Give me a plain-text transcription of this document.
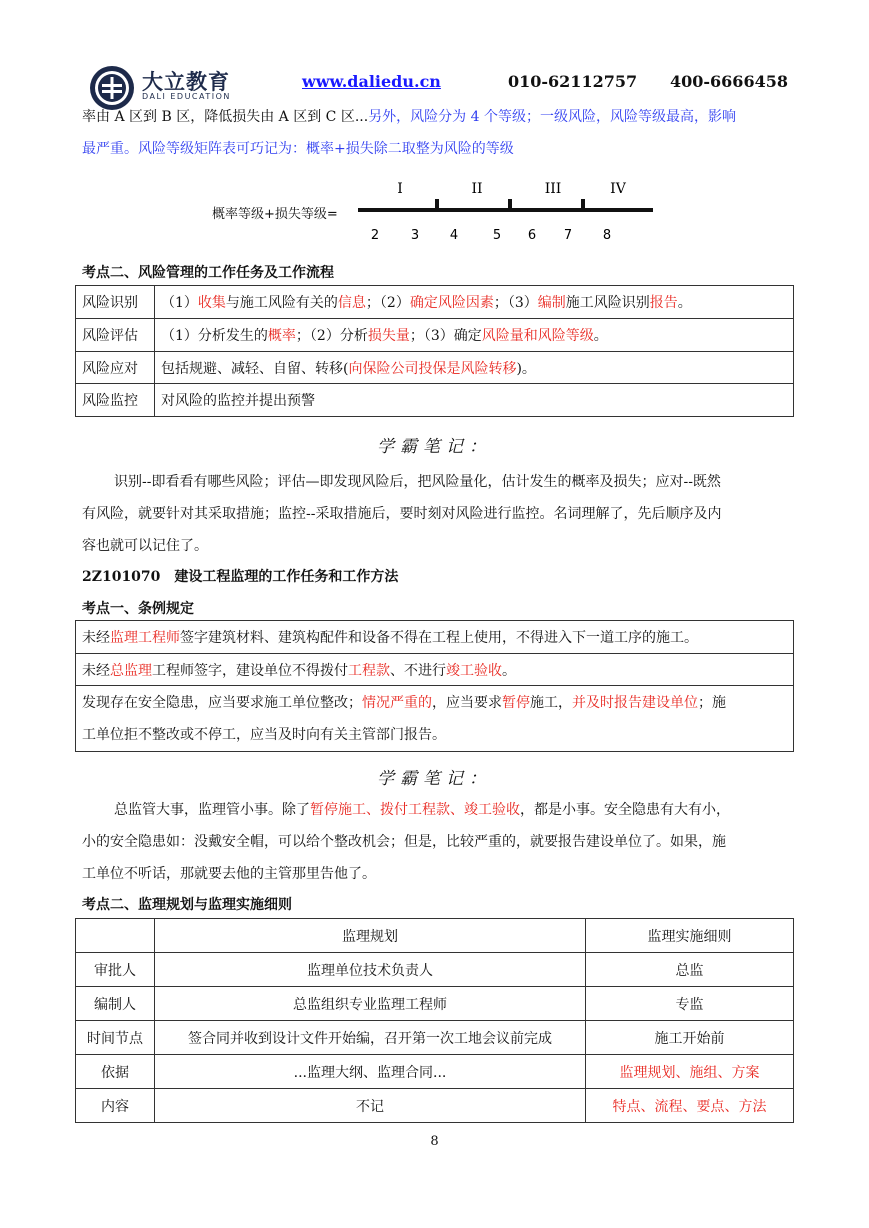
大立教育
DALI EDUCATION
www.daliedu.cn	010-62112757 400-6666458
率由 A 区到 B 区，降低损失由 A 区到 C 区...另外，风险分为 4 个等级；一级风险，风险等级最高，影响
最严重。风险等级矩阵表可巧记为：概率+损失除二取整为风险的等级
概率等级+损失等级=
I	II	III	IV
2 3 4	5 6 7 8
考点二、风险管理的工作任务及工作流程
风险识别	（1）收集与施工风险有关的信息；（2）确定风险因素；（3）编制施工风险识别报告。
风险评估	（1）分析发生的概率；（2）分析损失量；（3）确定风险量和风险等级。
风险应对	包括规避、减轻、自留、转移(向保险公司投保是风险转移)。
风险监控	对风险的监控并提出预警
学霸笔记：
识别--即看看有哪些风险；评估—即发现风险后，把风险量化，估计发生的概率及损失；应对--既然
有风险，就要针对其采取措施；监控--采取措施后，要时刻对风险进行监控。名词理解了，先后顺序及内
容也就可以记住了。
2Z101070　建设工程监理的工作任务和工作方法
考点一、条例规定
未经监理工程师签字建筑材料、建筑构配件和设备不得在工程上使用，不得进入下一道工序的施工。
未经总监理工程师签字，建设单位不得拨付工程款、不进行竣工验收。

发现存在安全隐患，应当要求施工单位整改；情况严重的，应当要求暂停施工，并及时报告建设单位；施
工单位拒不整改或不停工，应当及时向有关主管部门报告。
学霸笔记：
总监管大事，监理管小事。除了暂停施工、拨付工程款、竣工验收，都是小事。安全隐患有大有小，
小的安全隐患如：没戴安全帽，可以给个整改机会；但是，比较严重的，就要报告建设单位了。如果，施
工单位不听话，那就要去他的主管那里告他了。
考点二、监理规划与监理实施细则
	监理规划	监理实施细则
审批人	监理单位技术负责人	总监
编制人	总监组织专业监理工程师	专监
时间节点	签合同并收到设计文件开始编，召开第一次工地会议前完成	施工开始前
依据	...监理大纲、监理合同...	监理规划、施组、方案
内容	不记	特点、流程、要点、方法
8
